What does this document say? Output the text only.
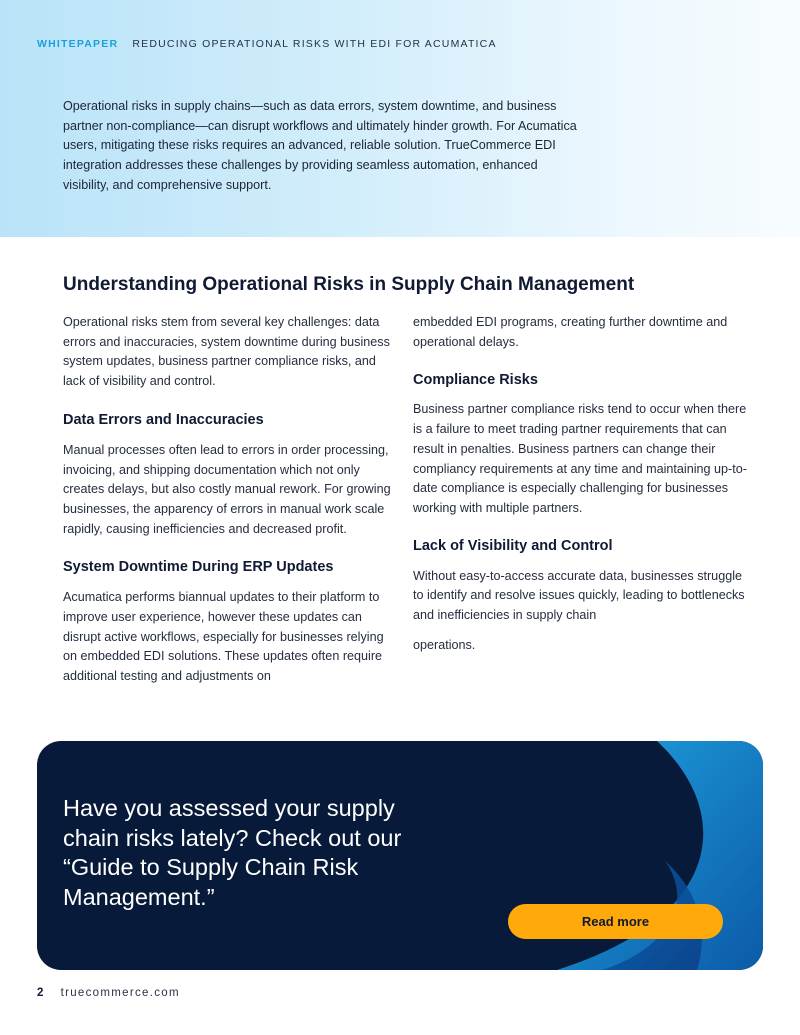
WHITEPAPER REDUCING OPERATIONAL RISKS WITH EDI FOR ACUMATICA

Operational risks in supply chains—such as data errors, system downtime, and business partner non-compliance—can disrupt workflows and ultimately hinder growth. For Acumatica users, mitigating these risks requires an advanced, reliable solution. TrueCommerce EDI integration addresses these challenges by providing seamless automation, enhanced visibility, and comprehensive support.

Understanding Operational Risks in Supply Chain Management

Operational risks stem from several key challenges: data errors and inaccuracies, system downtime during business system updates, business partner compliance risks, and lack of visibility and control.

Data Errors and Inaccuracies

Manual processes often lead to errors in order processing, invoicing, and shipping documentation which not only creates delays, but also costly manual rework. For growing businesses, the apparency of errors in manual work scale rapidly, causing inefficiencies and decreased profit.

System Downtime During ERP Updates

Acumatica performs biannual updates to their platform to improve user experience, however these updates can disrupt active workflows, especially for businesses relying on embedded EDI solutions. These updates often require additional testing and adjustments on

embedded EDI programs, creating further downtime and operational delays.

Compliance Risks

Business partner compliance risks tend to occur when there is a failure to meet trading partner requirements that can result in penalties. Business partners can change their compliancy requirements at any time and maintaining up-to-date compliance is especially challenging for businesses working with multiple partners.

Lack of Visibility and Control

Without easy-to-access accurate data, businesses struggle to identify and resolve issues quickly, leading to bottlenecks and inefficiencies in supply chain

operations.

Have you assessed your supply chain risks lately? Check out our “Guide to Supply Chain Risk Management.”

Read more
2 truecommerce.com
